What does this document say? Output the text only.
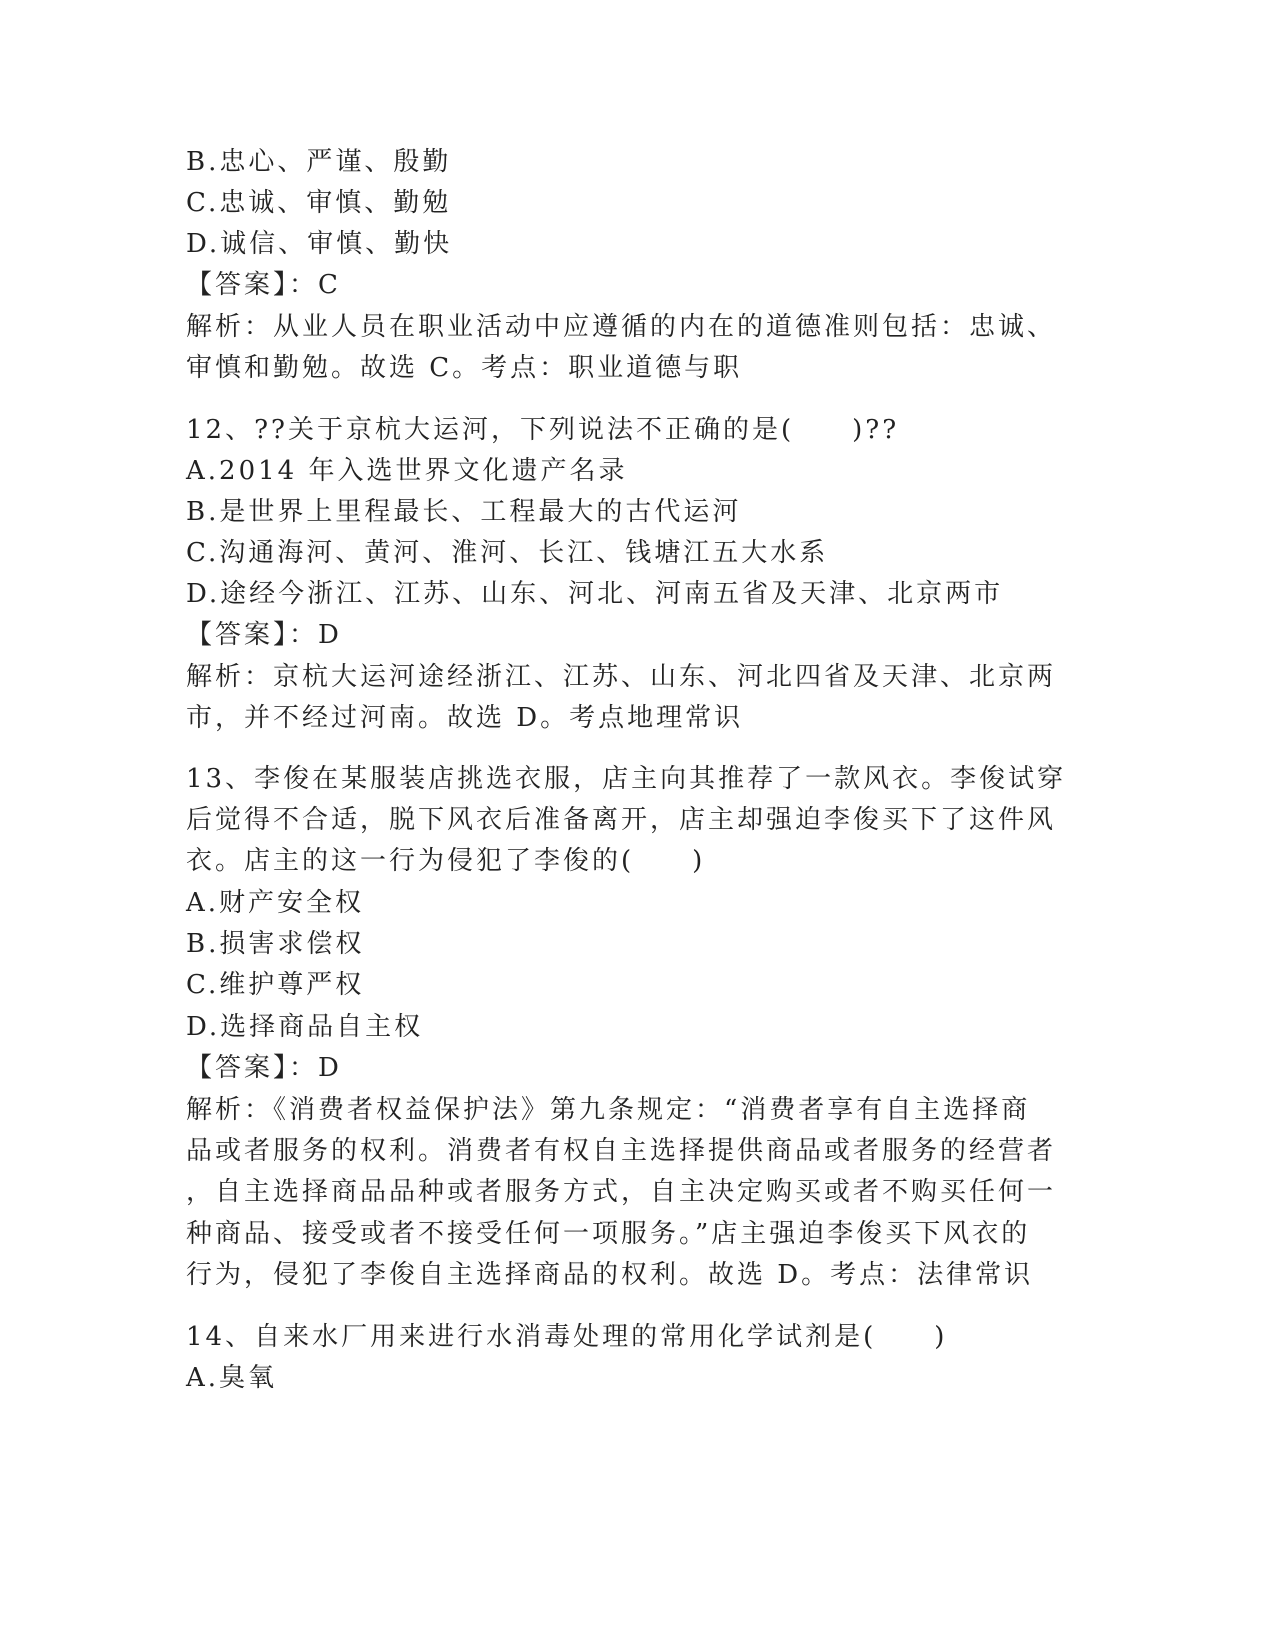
B.忠心、严谨、殷勤
C.忠诚、审慎、勤勉
D.诚信、审慎、勤快
【答案】：C
解析：从业人员在职业活动中应遵循的内在的道德准则包括：忠诚、
审慎和勤勉。故选 C。考点：职业道德与职
12、??关于京杭大运河，下列说法不正确的是(　　)??
A.2014 年入选世界文化遗产名录
B.是世界上里程最长、工程最大的古代运河
C.沟通海河、黄河、淮河、长江、钱塘江五大水系
D.途经今浙江、江苏、山东、河北、河南五省及天津、北京两市
【答案】：D
解析：京杭大运河途经浙江、江苏、山东、河北四省及天津、北京两
市，并不经过河南。故选 D。考点地理常识
13、李俊在某服装店挑选衣服，店主向其推荐了一款风衣。李俊试穿
后觉得不合适，脱下风衣后准备离开，店主却强迫李俊买下了这件风
衣。店主的这一行为侵犯了李俊的(　　)
A.财产安全权
B.损害求偿权
C.维护尊严权
D.选择商品自主权
【答案】：D
解析：《消费者权益保护法》第九条规定：“消费者享有自主选择商
品或者服务的权利。消费者有权自主选择提供商品或者服务的经营者
，自主选择商品品种或者服务方式，自主决定购买或者不购买任何一
种商品、接受或者不接受任何一项服务。”店主强迫李俊买下风衣的
行为，侵犯了李俊自主选择商品的权利。故选 D。考点：法律常识
14、自来水厂用来进行水消毒处理的常用化学试剂是(　　)
A.臭氧
